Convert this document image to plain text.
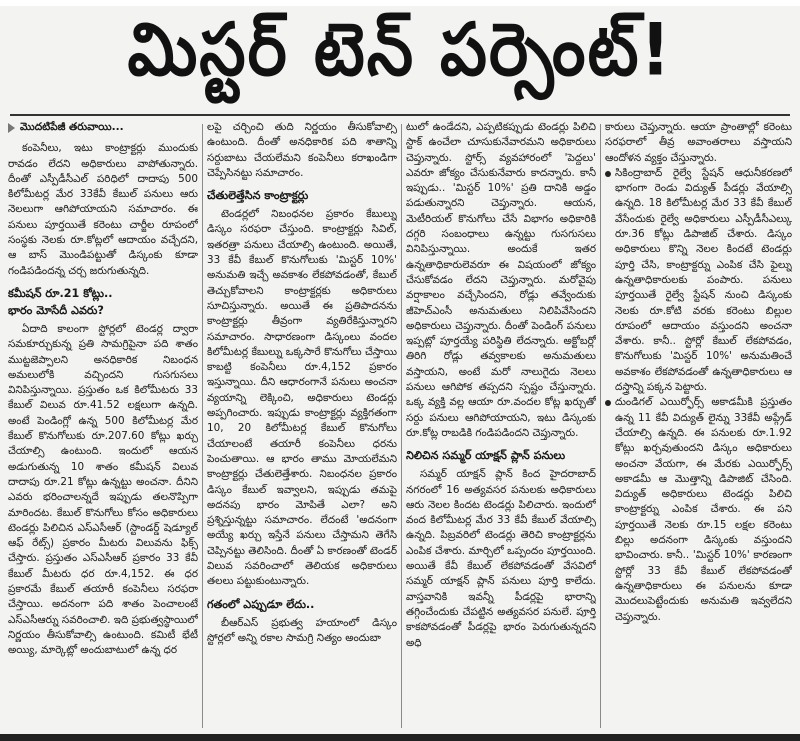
మిస్టర్ టెన్ పర్సెంట్!
మొదటిపేజీ తరువాయి...

కంపెనీలు, ఇటు కాంట్రాక్టర్లు ముందుకు రావడం లేదని అధికారులు వాపోతున్నారు. దీంతో ఎస్పీడీసీఎల్ పరిధిలో దాదాపు 500 కిలోమీటర్ల మేర 33కేవీ కేబుల్ పనులు ఆరు నెలలుగా ఆగిపోయాయని సమాచారం. ఈ పనులు పూర్తయితే కరెంటు చార్జీల రూపంలో సంస్థకు నెలకు రూ.కోట్లలో ఆదాయం వచ్చేదని, ఆ బాస్ మొండిపట్టుతో డిస్కంకు కూడా గండిపడిందన్న చర్చ జరుగుతున్నది.

కమీషన్ రూ.21 కోట్లు..
భారం మోసేదీ ఎవరు?

ఏదాది కాలంగా స్టోర్లలో టెండర్ల ద్వారా సమకూర్చుకున్న ప్రతి సామగ్రిపైనా పది శాతం ముట్టజెప్పాలని అనధికారిక నిబంధన అమలులోకి వచ్చిందని గుసగుసలు వినిపిస్తున్నాయి. ప్రస్తుతం ఒక కిలోమీటరు 33 కేబుల్ విలువ రూ.41.52 లక్షలుగా ఉన్నది. అంటే పెండింగ్లో ఉన్న 500 కిలోమీటర్ల మేర కేబుల్ కొనుగోలుకు రూ.207.60 కోట్లు ఖర్చు చేయాల్సి ఉంటుంది. ఇందులో ఆయన అడుగుతున్న 10 శాతం కమీషన్ విలువ దాదాపు రూ.21 కోట్లు ఉన్నట్టు అంచనా. దీనిని ఎవరు భరించాలన్నదే ఇప్పుడు తలనొప్పిగా మారిందట. కేబుల్ కొనుగోలు కోసం అధికారులు టెండర్లు పిలిచిన ఎస్ఎసీఆర్ (స్టాండర్డ్ షెడ్యూల్ ఆఫ్ రేట్స్) ప్రకారం మీటరు విలువను ఫిక్స్ చేస్తారు. ప్రస్తుతం ఎస్ఎసీఆర్ ప్రకారం 33 కేవీ కేబుల్ మీటరు ధర రూ.4,152. ఈ ధర ప్రకారమే కేబుల్ తయారీ కంపెనీలు సరఫరా చేస్తాయి. అదనంగా పది శాతం పెంచాలంటే ఎస్ఎసీఆర్ను సవరించాలి. ఇది ప్రభుత్వస్థాయిలో నిర్ణయం తీసుకోవాల్సి ఉంటుంది. కమిటీ భేటీ అయ్యి, మార్కెట్లో అందుబాటులో ఉన్న ధర

లపై చర్చించి తుది నిర్ణయం తీసుకోవాల్సి ఉంటుంది. దీంతో అనధికారిక పది శాతాన్ని సర్దుబాటు చేయలేమని కంపెనీలు కరాఖండిగా చెప్పేసినట్టు సమాచారం.

చేతులెత్తేసిన కాంట్రాక్టర్లు

టెండర్లలో నిబంధనల ప్రకారం కేబుల్ను డిస్కం సరఫరా చేస్తుంది. కాంట్రాక్టర్లు సివిల్, ఇతరత్రా పనులు చేయాల్సి ఉంటుంది. అయితే, 33 కేవీ కేబుల్ కొనుగోలుకు 'మిస్టర్ 10%' అనుమతి ఇచ్చే అవకాశం లేకపోవడంతో, కేబుల్ తెచ్చుకోవాలని కాంట్రాక్టర్లకు అధికారులు సూచిస్తున్నారు. అయితే ఈ ప్రతిపాదనను కాంట్రాక్టర్లు తీవ్రంగా వ్యతిరేకిస్తున్నారని సమాచారం. సాధారణంగా డిస్కంలు వందల కిలోమీటర్ల కేబుల్ను ఒక్కసారే కొనుగోలు చేస్తాయి కాబట్టి కంపెనీలు రూ.4,152 ప్రకారం ఇస్తున్నాయి. దీని ఆధారంగానే పనులు అంచనా వ్యయాన్ని లెక్కించి, అధికారులు టెండర్లు అప్పగించారు. ఇప్పుడు కాంట్రాక్టర్లు వ్యక్తిగతంగా 10, 20 కిలోమీటర్ల కేబుల్ కొనుగోలు చేయాలంటే తయారీ కంపెనీలు ధరను పెంచుతాయి. ఆ భారం తాము మోయలేమని కాంట్రాక్టర్లు చేతులెత్తేశారు. నిబంధనల ప్రకారం డిస్కం కేబుల్ ఇవ్వాలని, ఇప్పుడు తమపై అదనపు భారం మోపితే ఎలా? అని ప్రశ్నిస్తున్నట్టు సమాచారం. లేదంటే 'అదనంగా అయ్యే ఖర్చు ఇస్తేనే పనులు చేస్తామని తెగేసి చెప్పినట్టు తెలిసింది. దీంతో ఏ కారణంతో టెండర్ విలువ సవరించాలో తెలియక అధికారులు తలలు పట్టుకుంటున్నారు.

గతంలో ఎప్పుడూ లేదు..

బీఆర్ఎస్ ప్రభుత్వ హయాంలో డిస్కం స్టోర్లలో అన్ని రకాల సామగ్రి నిత్యం అందుబా

టులో ఉండేదని, ఎప్పటికప్పుడు టెండర్లు పిలిచి స్టాక్ ఉంచేలా చూసుకునేవారమని అధికారులు చెప్తున్నారు. స్టోర్స్ వ్యవహారంలో 'పెద్దలు' ఎవరూ జోక్యం చేసుకునేవారు కాదన్నారు. కానీ ఇప్పుడు.. 'మిస్టర్ 10%' ప్రతి దానికి అడ్డం పడుతున్నారని చెప్తున్నారు. ఆయన, మెటీరియల్ కొనుగోలు చేసే విభాగం అధికారికి దగ్గరి సంబంధాలు ఉన్నట్టు గుసగుసలు వినిపిస్తున్నాయి. అందుకే ఇతర ఉన్నతాధికారులెవరూ ఈ విషయంలో జోక్యం చేసుకోవడం లేదని చెప్తున్నారు. మరోవైపు వర్షాకాలం వచ్చేసిందని, రోడ్లు తవ్వేందుకు జీహెచ్ఎంసీ అనుమతులు నిలిపివేసిందని అధికారులు చెప్తున్నారు. దీంతో పెండింగ్ పనులు ఇప్పట్లో పూర్తయ్యే పరిస్థితి లేదన్నారు. అక్టోబర్లో తిరిగి రోడ్లు తవ్వకాలకు అనుమతులు వస్తాయని, అంటే మరో నాలుగైదు నెలలు పనులు ఆగిపోక తప్పదని స్పష్టం చేస్తున్నారు. ఒక్క వ్యక్తి వల్ల ఆయా రూ.వందల కోట్ల ఖర్చుతో సర్దు పనులు ఆగిపోయాయని, ఇటు డిస్కంకు రూ.కోట్ల రాబడికి గండిపడిందని చెప్తున్నారు.

నిలిచిన సమ్మర్ యాక్షన్ ప్లాన్ పనులు

సమ్మర్ యాక్షన్ ప్లాన్ కింద హైదరాబాద్ నగరంలో 16 అత్యవసర పనులకు అధికారులు ఆరు నెలల కిందట టెండర్లు పిలిచారు. ఇందులో వంద కిలోమీటర్ల మేర 33 కేవీ కేబుల్ వేయాల్సి ఉన్నది. పిబ్రవరిలో టెండర్లు తెరిచి కాంట్రాక్టర్లను ఎంపిక చేశారు. మార్చిలో ఒప్పందం పూర్తయింది. అయితే కేవీ కేబుల్ లేకపోవడంతో వేసవిలో సమ్మర్ యాక్షన్ ప్లాన్ పనులు పూర్తి కాలేదు. వాస్తవానికి ఇవన్నీ పీడర్లపై భారాన్ని తగ్గించేందుకు చేపట్టిన అత్యవసర పనులే. పూర్తి కాకపోవడంతో పీడర్లపై భారం పెరుగుతున్నదని అధి

కారులు చెప్తున్నారు. ఆయా ప్రాంతాల్లో కరెంటు సరఫరాలో తీవ్ర అవాంతరాలు వస్తాయని ఆందోళన వ్యక్తం చేస్తున్నారు.

సికింద్రాబాద్ రైల్వే స్టేషన్ ఆధునీకరణలో భాగంగా రెండు విద్యుత్ పీడర్లు వేయాల్సి ఉన్నది. 18 కిలోమీటర్ల మేర 33 కేవీ కేబుల్ వేసేందుకు రైల్వే అధికారులు ఎస్పీడీసీఎల్కు రూ.36 కోట్లు డిపాజిట్ చేశారు. డిస్కం అధికారులు కొన్ని నెలల కిందటే టెండర్లు పూర్తి చేసి, కాంట్రాక్టర్ను ఎంపిక చేసి ఫైల్ను ఉన్నతాధికారులకు పంపారు. పనులు పూర్తయితే రైల్వే స్టేషన్ నుంచి డిస్కంకు నెలకు రూ.కోటి వరకు కరెంటు బిల్లుల రూపంలో ఆదాయం వస్తుందని అంచనా వేశారు. కానీ.. స్టోర్లో కేబుల్ లేకపోవడం, కొనుగోలుకు 'మిస్టర్ 10%' అనుమతించే అవకాశం లేకపోవడంతో ఉన్నతాధికారులు ఆ దస్త్రాన్ని పక్కన పెట్టారు.

దుండిగల్ ఎయిర్ఫోర్స్ అకాడమీకి ప్రస్తుతం ఉన్న 11 కేవీ విద్యుత్ లైన్ను 33కేవీ అప్గ్రేడ్ చేయాల్సి ఉన్నది. ఈ పనులకు రూ.1.92 కోట్లు ఖర్చవుతుందని డిస్కం అధికారులు అంచనా వేయగా, ఈ మేరకు ఎయిర్ఫోర్స్ అకాడమీ ఆ మొత్తాన్ని డిపాజిట్ చేసింది. విద్యుత్ అధికారులు టెండర్లు పిలిచి కాంట్రాక్టర్ను ఎంపిక చేశారు. ఈ పని పూర్తయితే నెలకు రూ.15 లక్షల కరెంటు బిల్లు అదనంగా డిస్కంకు వస్తుందని భావించారు. కానీ.. 'మిస్టర్ 10%' కారణంగా స్టోర్లో 33 కేవీ కేబుల్ లేకపోవడంతో ఉన్నతాధికారులు ఈ పనులను కూడా మొదలుపెట్టేందుకు అనుమతి ఇవ్వలేదని చెప్తున్నారు.
